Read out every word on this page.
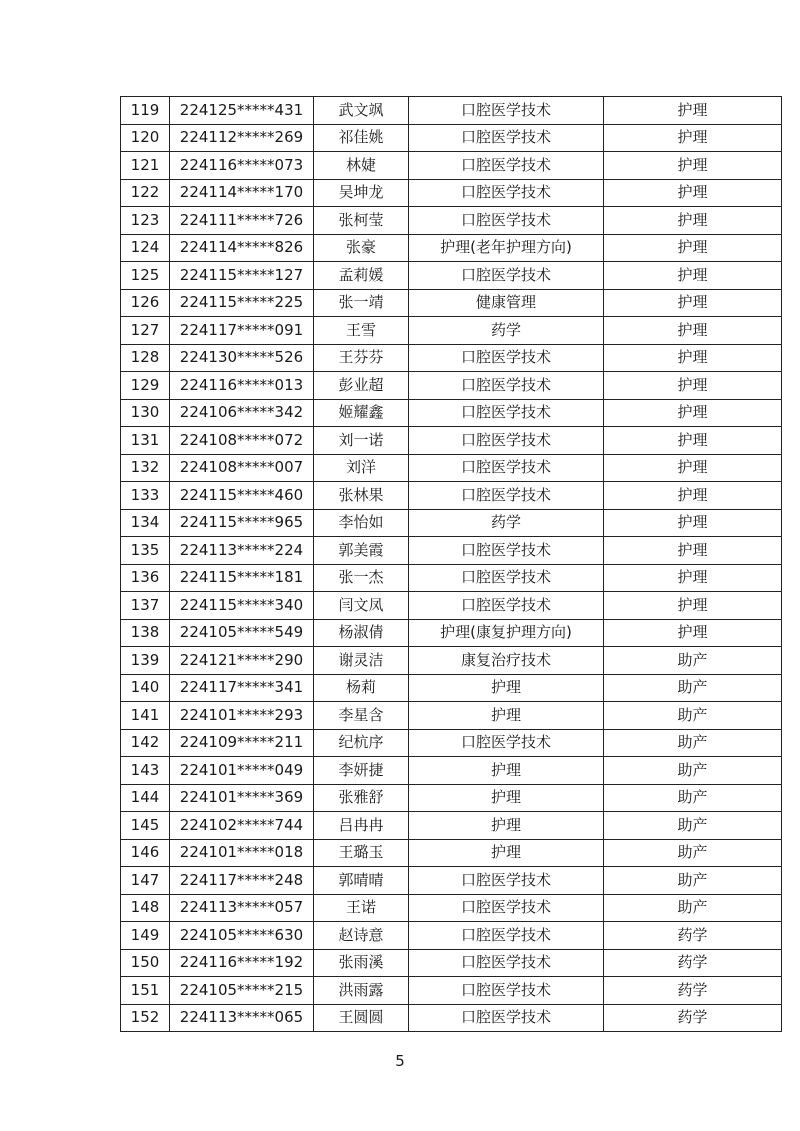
119	224125*****431	武文飒	口腔医学技术	护理
120	224112*****269	祁佳姚	口腔医学技术	护理
121	224116*****073	林婕	口腔医学技术	护理
122	224114*****170	吴坤龙	口腔医学技术	护理
123	224111*****726	张柯莹	口腔医学技术	护理
124	224114*****826	张豪	护理(老年护理方向)	护理
125	224115*****127	孟莉媛	口腔医学技术	护理
126	224115*****225	张一靖	健康管理	护理
127	224117*****091	王雪	药学	护理
128	224130*****526	王芬芬	口腔医学技术	护理
129	224116*****013	彭业超	口腔医学技术	护理
130	224106*****342	姬耀鑫	口腔医学技术	护理
131	224108*****072	刘一诺	口腔医学技术	护理
132	224108*****007	刘洋	口腔医学技术	护理
133	224115*****460	张林果	口腔医学技术	护理
134	224115*****965	李怡如	药学	护理
135	224113*****224	郭美霞	口腔医学技术	护理
136	224115*****181	张一杰	口腔医学技术	护理
137	224115*****340	闫文凤	口腔医学技术	护理
138	224105*****549	杨淑倩	护理(康复护理方向)	护理
139	224121*****290	谢灵洁	康复治疗技术	助产
140	224117*****341	杨莉	护理	助产
141	224101*****293	李星含	护理	助产
142	224109*****211	纪杭序	口腔医学技术	助产
143	224101*****049	李妍捷	护理	助产
144	224101*****369	张雅舒	护理	助产
145	224102*****744	吕冉冉	护理	助产
146	224101*****018	王璐玉	护理	助产
147	224117*****248	郭晴晴	口腔医学技术	助产
148	224113*****057	王诺	口腔医学技术	助产
149	224105*****630	赵诗意	口腔医学技术	药学
150	224116*****192	张雨溪	口腔医学技术	药学
151	224105*****215	洪雨露	口腔医学技术	药学
152	224113*****065	王圆圆	口腔医学技术	药学
5
